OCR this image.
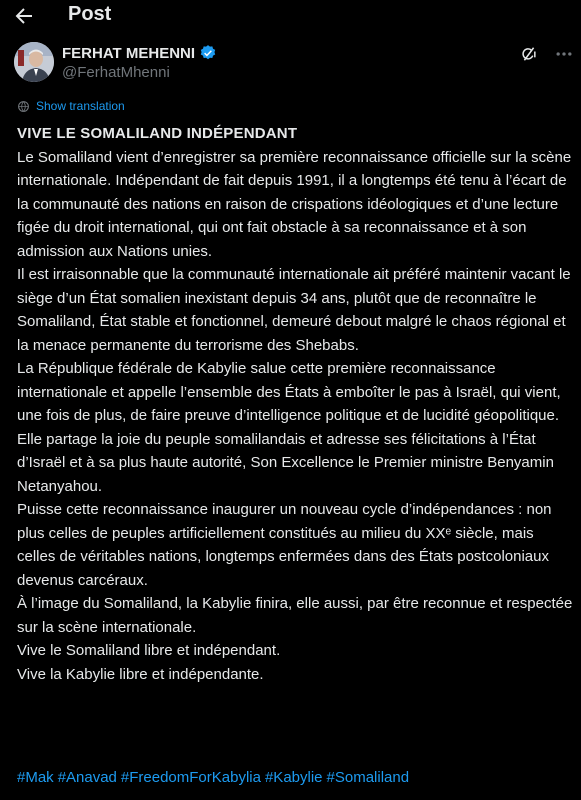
Post
FERHAT MEHENNI
@FerhatMhenni
Show translation

VIVE LE SOMALILAND INDÉPENDANT

Le Somaliland vient d’enregistrer sa première reconnaissance officielle sur la scène internationale. Indépendant de fait depuis 1991, il a longtemps été tenu à l’écart de la communauté des nations en raison de crispations idéologiques et d’une lecture figée du droit international, qui ont fait obstacle à sa reconnaissance et à son admission aux Nations unies.

Il est irraisonnable que la communauté internationale ait préféré maintenir vacant le siège d’un État somalien inexistant depuis 34 ans, plutôt que de reconnaître le Somaliland, État stable et fonctionnel, demeuré debout malgré le chaos régional et la menace permanente du terrorisme des Shebabs.

La République fédérale de Kabylie salue cette première reconnaissance internationale et appelle l’ensemble des États à emboîter le pas à Israël, qui vient, une fois de plus, de faire preuve d’intelligence politique et de lucidité géopolitique.

Elle partage la joie du peuple somalilandais et adresse ses félicitations à l’État d’Israël et à sa plus haute autorité, Son Excellence le Premier ministre Benyamin Netanyahou.

Puisse cette reconnaissance inaugurer un nouveau cycle d’indépendances : non plus celles de peuples artificiellement constitués au milieu du XXᵉ siècle, mais celles de véritables nations, longtemps enfermées dans des États postcoloniaux devenus carcéraux.

À l’image du Somaliland, la Kabylie finira, elle aussi, par être reconnue et respectée sur la scène internationale.

Vive le Somaliland libre et indépendant.

Vive la Kabylie libre et indépendante.

#Mak #Anavad #FreedomForKabylia #Kabylie #Somaliland
